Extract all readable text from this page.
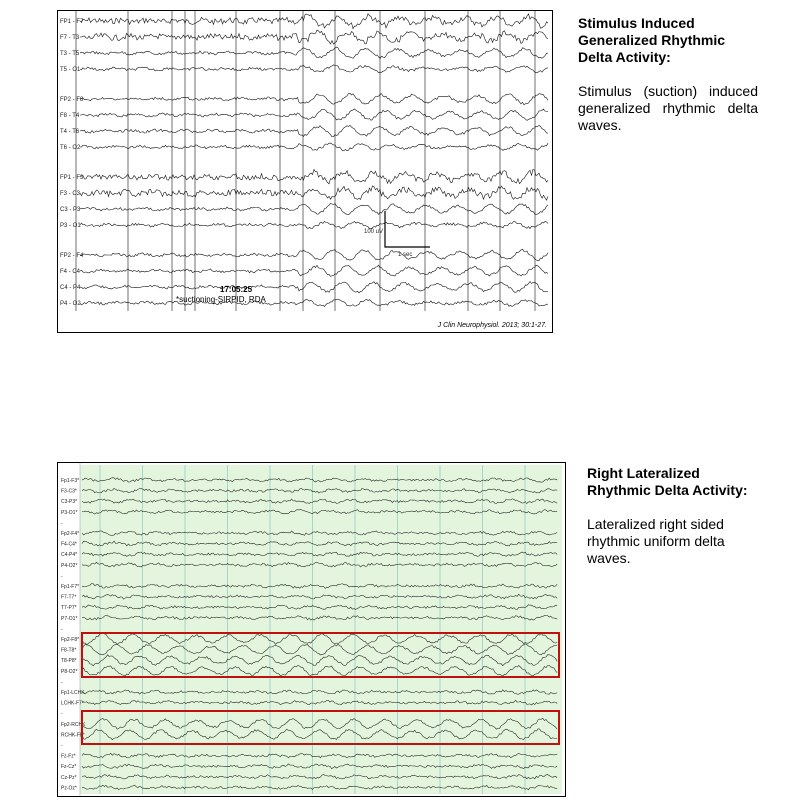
FP1 - F7
F7 - T3
T3 - T5
T5 - O1
FP2 - F8
F8 - T4
T4 - T6
T6 - O2
FP1 - F3
F3 - C3
C3 - P3
P3 - O1
FP2 - F4
F4 - C4
C4 - P4
P4 - O2
100 uV
1 sec
17:05:25
*suctioning-SIRPID, RDA
J Clin Neurophysiol. 2013; 30:1-27.
Stimulus Induced Generalized Rhythmic Delta Activity:

Stimulus (suction) induced generalized rhythmic delta waves.

Fp1-F3*
F3-C3*
C3-P3*
P3-O1*
-
Fp2-F4*
F4-C4*
C4-P4*
P4-O2*
-
Fp1-F7*
F7-T7*
T7-P7*
P7-O1*
-
Fp2-F8*
F8-T8*
T8-P8*
P8-O2*
-
Fp1-LCHK
LCHK-F7*
-
Fp2-RCHK
RCHK-F8*
-
Fz-Fz*
Fz-Cz*
Cz-Pz*
Pz-Oz*
Right Lateralized Rhythmic Delta Activity:

Lateralized right sided rhythmic uniform delta waves.
